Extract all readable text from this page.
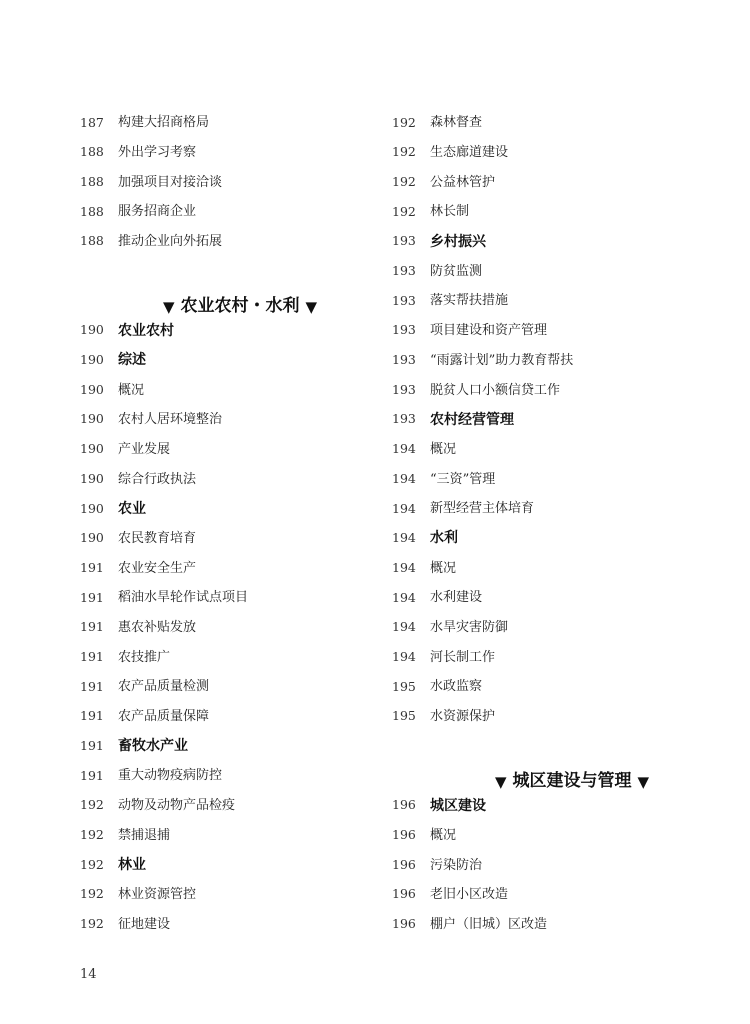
187	构建大招商格局
188	外出学习考察
188	加强项目对接洽谈
188	服务招商企业
188	推动企业向外拓展
▼ 农业农村・水利 ▼
190	农业农村
190	综述
190	概况
190	农村人居环境整治
190	产业发展
190	综合行政执法
190	农业
190	农民教育培育
191	农业安全生产
191	稻油水旱轮作试点项目
191	惠农补贴发放
191	农技推广
191	农产品质量检测
191	农产品质量保障
191	畜牧水产业
191	重大动物疫病防控
192	动物及动物产品检疫
192	禁捕退捕
192	林业
192	林业资源管控
192	征地建设
192	森林督查
192	生态廊道建设
192	公益林管护
192	林长制
193	乡村振兴
193	防贫监测
193	落实帮扶措施
193	项目建设和资产管理
193	“雨露计划”助力教育帮扶
193	脱贫人口小额信贷工作
193	农村经营管理
194	概况
194	“三资”管理
194	新型经营主体培育
194	水利
194	概况
194	水利建设
194	水旱灾害防御
194	河长制工作
195	水政监察
195	水资源保护
▼ 城区建设与管理 ▼
196	城区建设
196	概况
196	污染防治
196	老旧小区改造
196	棚户（旧城）区改造
14
